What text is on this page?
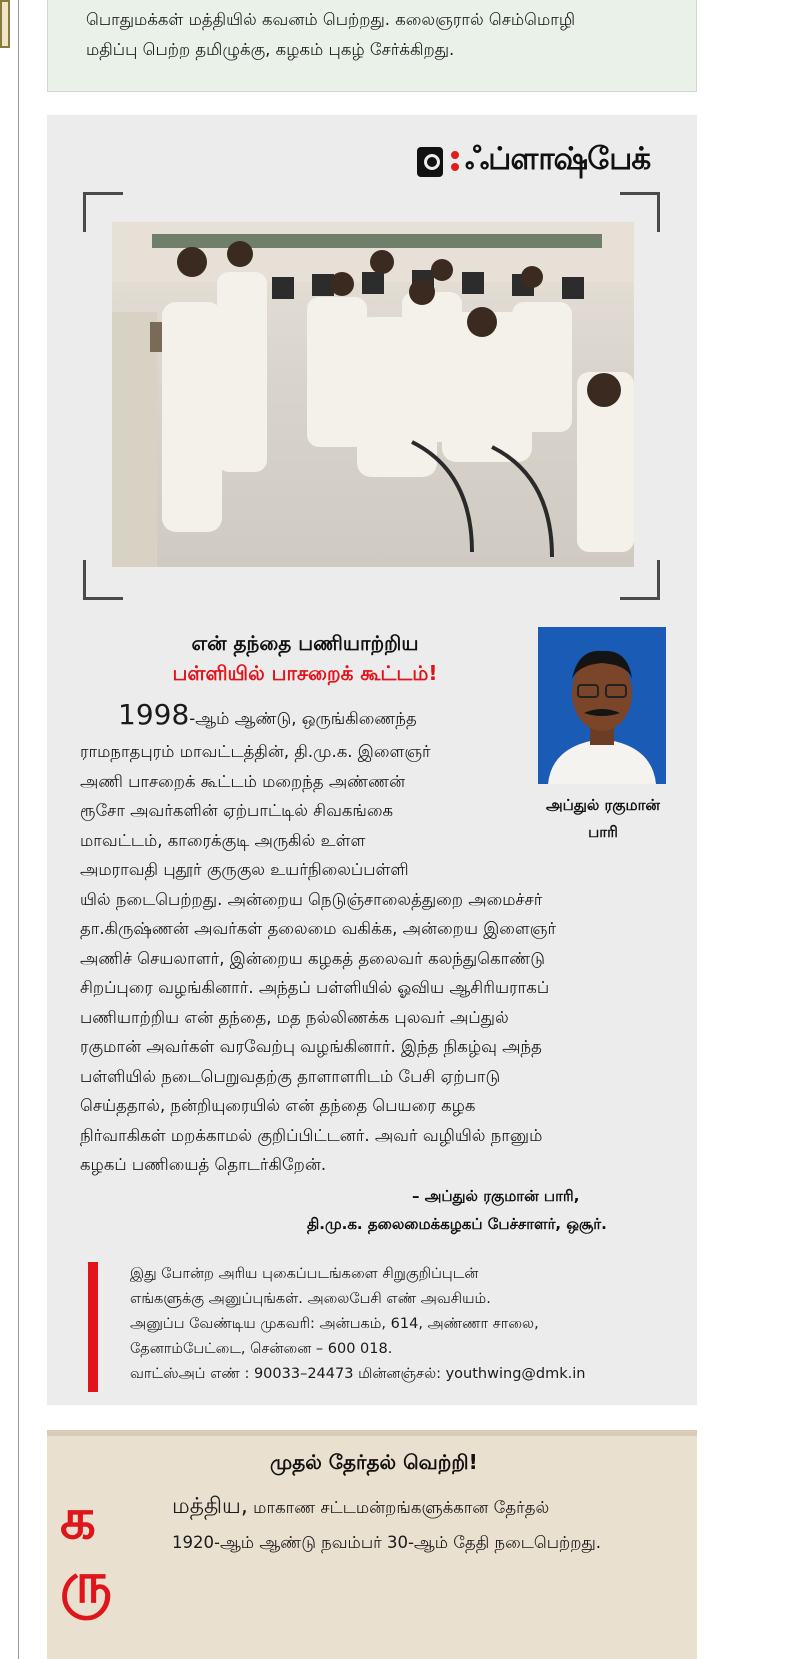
பொதுமக்கள் மத்தியில் கவனம் பெற்றது. கலைஞரால் செம்மொழி

மதிப்பு பெற்ற தமிழுக்கு, கழகம் புகழ் சேர்க்கிறது.

ஃப்ளாஷ்பேக்
என் தந்தை பணியாற்றிய
பள்ளியில் பாசறைக் கூட்டம்!
அப்துல் ரகுமான்
பாரி
1998-ஆம் ஆண்டு, ஒருங்கிணைந்த
ராமநாதபுரம் மாவட்டத்தின், தி.மு.க. இளைஞர்
அணி பாசறைக் கூட்டம் மறைந்த அண்ணன்
ரூசோ அவர்களின் ஏற்பாட்டில் சிவகங்கை
மாவட்டம், காரைக்குடி அருகில் உள்ள
அமராவதி புதூர் குருகுல உயர்நிலைப்பள்ளி
யில் நடைபெற்றது. அன்றைய நெடுஞ்சாலைத்துறை அமைச்சர்
தா.கிருஷ்ணன் அவர்கள் தலைமை வகிக்க, அன்றைய இளைஞர்
அணிச் செயலாளர், இன்றைய கழகத் தலைவர் கலந்துகொண்டு
சிறப்புரை வழங்கினார். அந்தப் பள்ளியில் ஓவிய ஆசிரியராகப்
பணியாற்றிய என் தந்தை, மத நல்லிணக்க புலவர் அப்துல்
ரகுமான் அவர்கள் வரவேற்பு வழங்கினார். இந்த நிகழ்வு அந்த
பள்ளியில் நடைபெறுவதற்கு தாளாளரிடம் பேசி ஏற்பாடு
செய்ததால், நன்றியுரையில் என் தந்தை பெயரை கழக
நிர்வாகிகள் மறக்காமல் குறிப்பிட்டனர். அவர் வழியில் நானும்
கழகப் பணியைத் தொடர்கிறேன்.
– அப்துல் ரகுமான் பாரி,
தி.மு.க. தலைமைக்கழகப் பேச்சாளர், ஒசூர்.

இது போன்ற அரிய புகைப்படங்களை சிறுகுறிப்புடன்

எங்களுக்கு அனுப்புங்கள். அலைபேசி எண் அவசியம்.

அனுப்ப வேண்டிய முகவரி: அன்பகம், 614, அண்ணா சாலை,

தேனாம்பேட்டை, சென்னை – 600 018.

வாட்ஸ்அப் எண் : 90033–24473 மின்னஞ்சல்: youthwing@dmk.in

க
ரு
முதல் தேர்தல் வெற்றி!
மத்திய, மாகாண சட்டமன்றங்களுக்கான தேர்தல்
1920-ஆம் ஆண்டு நவம்பர் 30-ஆம் தேதி நடைபெற்றது.
